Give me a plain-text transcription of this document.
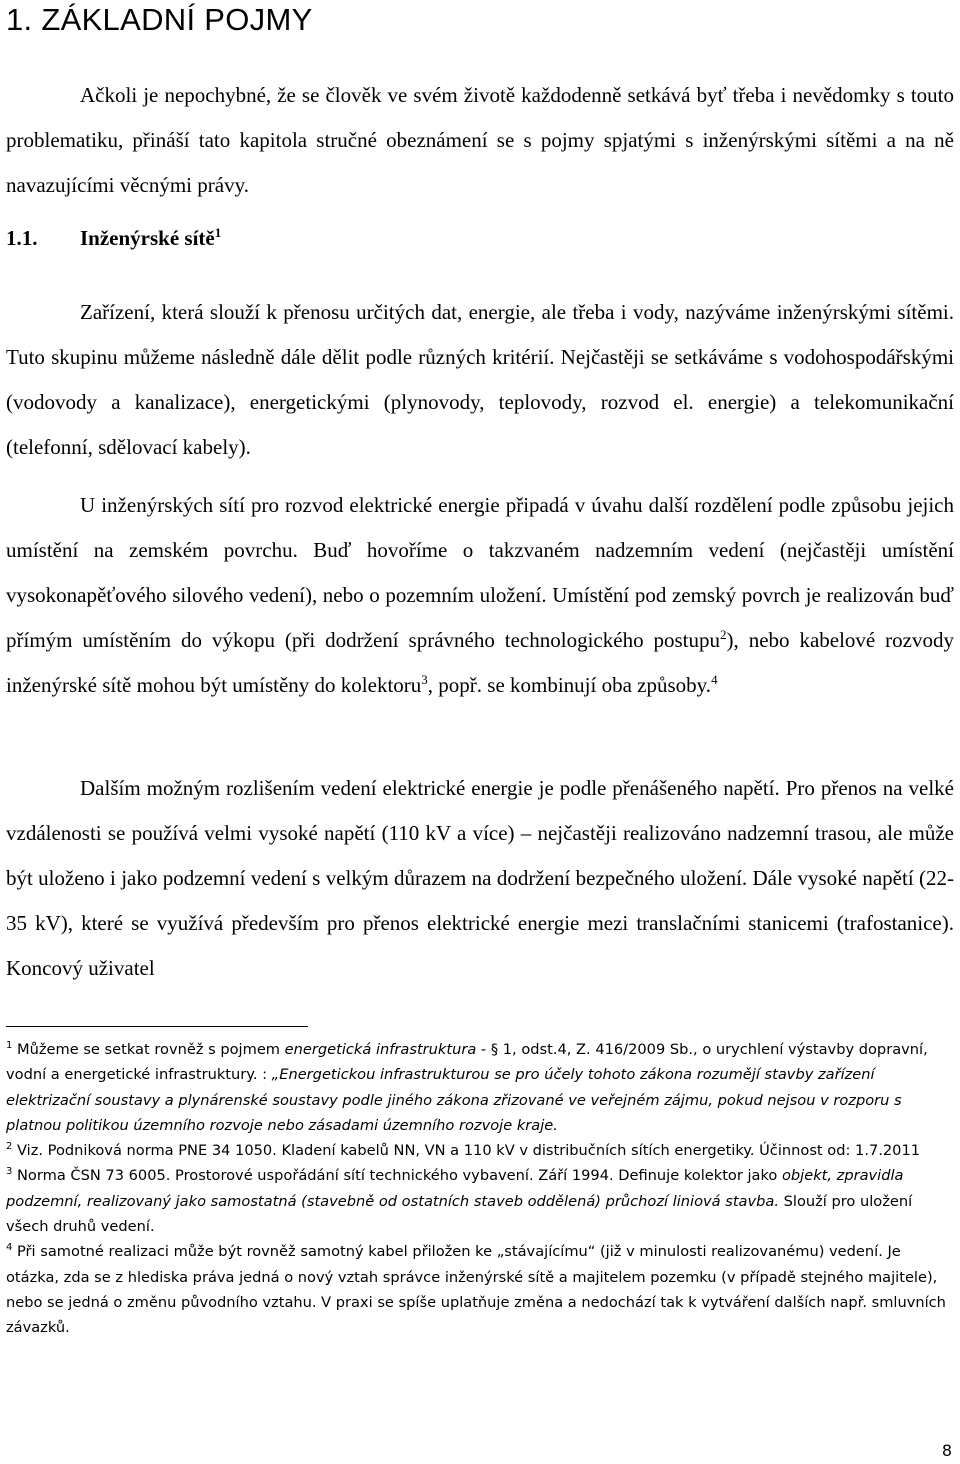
1. ZÁKLADNÍ POJMY

Ačkoli je nepochybné, že se člověk ve svém životě každodenně setkává byť třeba i nevědomky s touto problematiku, přináší tato kapitola stručné obeznámení se s pojmy spjatými s inženýrskými sítěmi a na ně navazujícími věcnými právy.

1.1. Inženýrské sítě$^1$

Zařízení, která slouží k přenosu určitých dat, energie, ale třeba i vody, nazýváme inženýrskými sítěmi. Tuto skupinu můžeme následně dále dělit podle různých kritérií. Nejčastěji se setkáváme s vodohospodářskými (vodovody a kanalizace), energetickými (plynovody, teplovody, rozvod el. energie) a telekomunikační (telefonní, sdělovací kabely).

U inženýrských sítí pro rozvod elektrické energie připadá v úvahu další rozdělení podle způsobu jejich umístění na zemském povrchu. Buď hovoříme o takzvaném nadzemním vedení (nejčastěji umístění vysokonapěťového silového vedení), nebo o pozemním uložení. Umístění pod zemský povrch je realizován buď přímým umístěním do výkopu (při dodržení správného technologického postupu$^2$), nebo kabelové rozvody inženýrské sítě mohou být umístěny do kolektoru$^3$, popř. se kombinují oba způsoby.$^4$

Dalším možným rozlišením vedení elektrické energie je podle přenášeného napětí. Pro přenos na velké vzdálenosti se používá velmi vysoké napětí (110 kV a více) – nejčastěji realizováno nadzemní trasou, ale může být uloženo i jako podzemní vedení s velkým důrazem na dodržení bezpečného uložení. Dále vysoké napětí (22-35 kV), které se využívá především pro přenos elektrické energie mezi translačními stanicemi (trafostanice). Koncový uživatel

$^1$ Můžeme se setkat rovněž s pojmem energetická infrastruktura - § 1, odst.4, Z. 416/2009 Sb., o urychlení výstavby dopravní, vodní a energetické infrastruktury. : „Energetickou infrastrukturou se pro účely tohoto zákona rozumějí stavby zařízení elektrizační soustavy a plynárenské soustavy podle jiného zákona zřizované ve veřejném zájmu, pokud nejsou v rozporu s platnou politikou územního rozvoje nebo zásadami územního rozvoje kraje.

$^2$ Viz. Podniková norma PNE 34 1050. Kladení kabelů NN, VN a 110 kV v distribučních sítích energetiky. Účinnost od: 1.7.2011

$^3$ Norma ČSN 73 6005. Prostorové uspořádání sítí technického vybavení. Září 1994. Definuje kolektor jako objekt, zpravidla podzemní, realizovaný jako samostatná (stavebně od ostatních staveb oddělená) průchozí liniová stavba. Slouží pro uložení všech druhů vedení.

$^4$ Při samotné realizaci může být rovněž samotný kabel přiložen ke „stávajícímu“ (již v minulosti realizovanému) vedení. Je otázka, zda se z hlediska práva jedná o nový vztah správce inženýrské sítě a majitelem pozemku (v případě stejného majitele), nebo se jedná o změnu původního vztahu. V praxi se spíše uplatňuje změna a nedochází tak k vytváření dalších např. smluvních závazků.

8
